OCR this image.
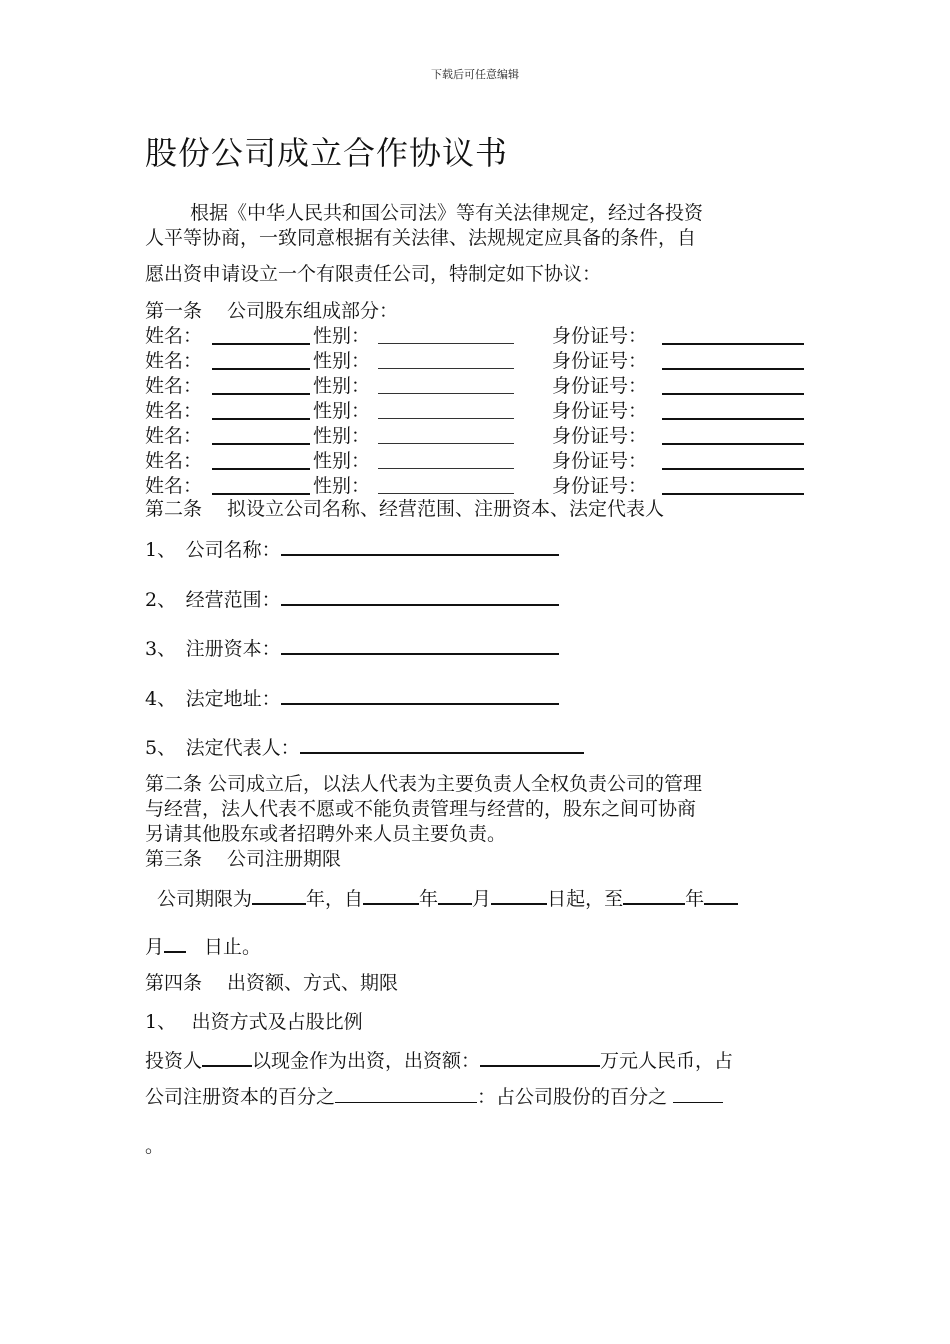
下载后可任意编辑
股份公司成立合作协议书
根据《中华人民共和国公司法》等有关法律规定，经过各投资
人平等协商，一致同意根据有关法律、法规规定应具备的条件，自
愿出资申请设立一个有限责任公司，特制定如下协议：
第一条　 公司股东组成部分：
姓名：	性别：	身份证号：
姓名：	性别：	身份证号：
姓名：	性别：	身份证号：
姓名：	性别：	身份证号：
姓名：	性别：	身份证号：
姓名：	性别：	身份证号：
姓名：	性别：	身份证号：
第二条　 拟设立公司名称、经营范围、注册资本、法定代表人
1、　 公司名称：
2、　 经营范围：
3、　 注册资本：
4、　 法定地址：
5、　 法定代表人：
第二条 公司成立后，以法人代表为主要负责人全权负责公司的管理
与经营，法人代表不愿或不能负责管理与经营的，股东之间可协商
另请其他股东或者招聘外来人员主要负责。
第三条　 公司注册期限
公司期限为	年，自	年 月	日起，至	年
月 日止。
第四条　 出资额、方式、期限
1、　 出资方式及占股比例
投资人	以现金作为出资，出资额：	万元人民币，占
公司注册资本的百分之	：占公司股份的百分之
。
